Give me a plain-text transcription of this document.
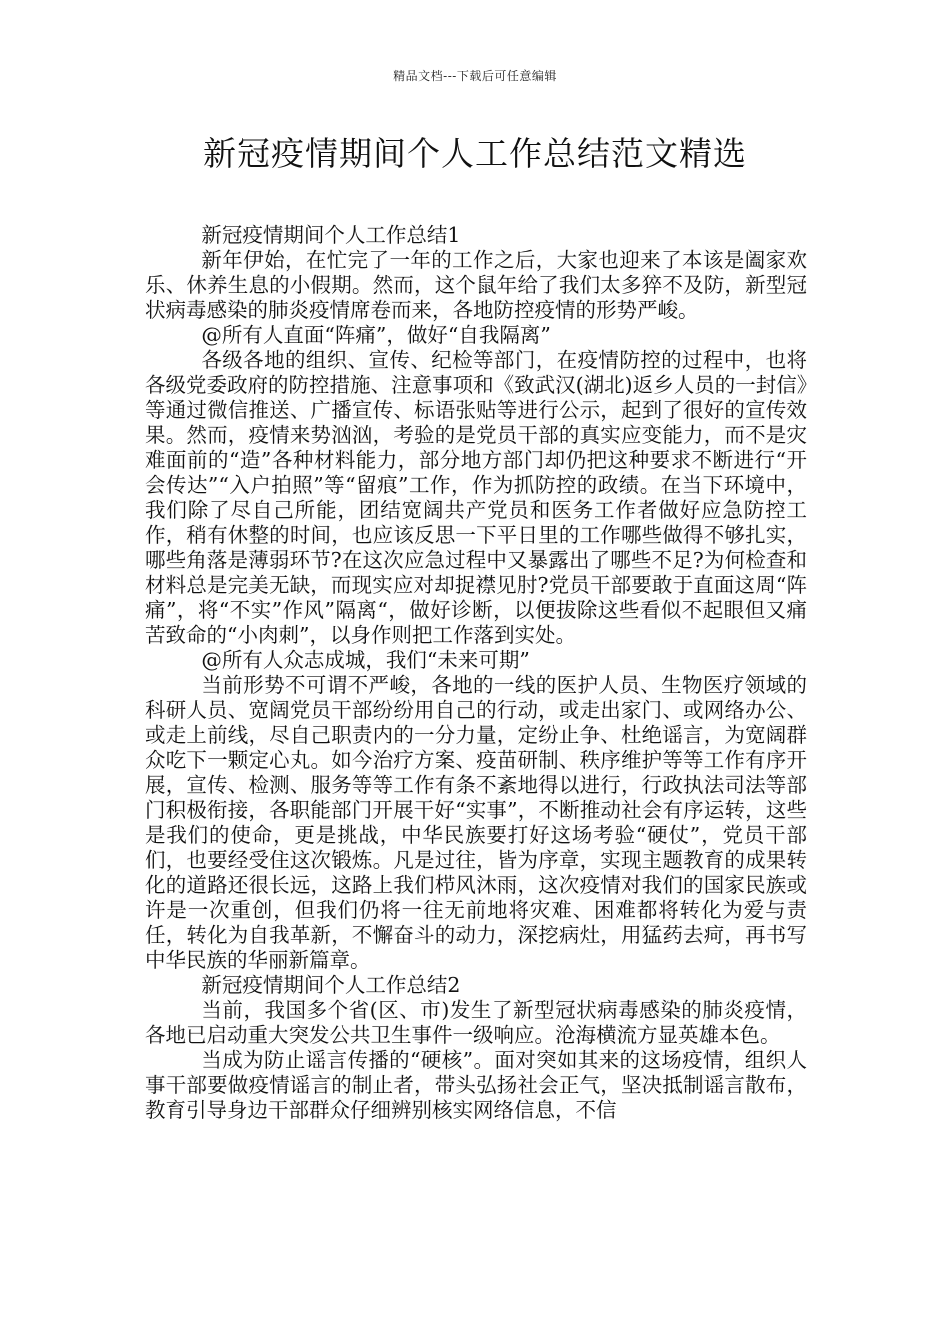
精品文档---下载后可任意编辑
新冠疫情期间个人工作总结范文精选

新冠疫情期间个人工作总结1

新年伊始，在忙完了一年的工作之后，大家也迎来了本该是阖家欢乐、休养生息的小假期。然而，这个鼠年给了我们太多猝不及防，新型冠状病毒感染的肺炎疫情席卷而来，各地防控疫情的形势严峻。

@所有人直面“阵痛”，做好“自我隔离”

各级各地的组织、宣传、纪检等部门，在疫情防控的过程中，也将各级党委政府的防控措施、注意事项和《致武汉(湖北)返乡人员的一封信》等通过微信推送、广播宣传、标语张贴等进行公示，起到了很好的宣传效果。然而，疫情来势汹汹，考验的是党员干部的真实应变能力，而不是灾难面前的“造”各种材料能力，部分地方部门却仍把这种要求不断进行“开会传达”“入户拍照”等“留痕”工作，作为抓防控的政绩。在当下环境中，我们除了尽自己所能，团结宽阔共产党员和医务工作者做好应急防控工作，稍有休整的时间，也应该反思一下平日里的工作哪些做得不够扎实，哪些角落是薄弱环节?在这次应急过程中又暴露出了哪些不足?为何检查和材料总是完美无缺，而现实应对却捉襟见肘?党员干部要敢于直面这周“阵痛”，将“不实”作风”隔离“，做好诊断，以便拔除这些看似不起眼但又痛苦致命的“小肉刺”，以身作则把工作落到实处。

@所有人众志成城，我们“未来可期”

当前形势不可谓不严峻，各地的一线的医护人员、生物医疗领域的科研人员、宽阔党员干部纷纷用自己的行动，或走出家门、或网络办公、或走上前线，尽自己职责内的一分力量，定纷止争、杜绝谣言，为宽阔群众吃下一颗定心丸。如今治疗方案、疫苗研制、秩序维护等等工作有序开展，宣传、检测、服务等等工作有条不紊地得以进行，行政执法司法等部门积极衔接，各职能部门开展干好“实事”，不断推动社会有序运转，这些是我们的使命，更是挑战，中华民族要打好这场考验“硬仗”，党员干部们，也要经受住这次锻炼。凡是过往，皆为序章，实现主题教育的成果转化的道路还很长远，这路上我们栉风沐雨，这次疫情对我们的国家民族或许是一次重创，但我们仍将一往无前地将灾难、困难都将转化为爱与责任，转化为自我革新，不懈奋斗的动力，深挖病灶，用猛药去疴，再书写中华民族的华丽新篇章。

新冠疫情期间个人工作总结2

当前，我国多个省(区、市)发生了新型冠状病毒感染的肺炎疫情，各地已启动重大突发公共卫生事件一级响应。沧海横流方显英雄本色。

当成为防止谣言传播的“硬核”。面对突如其来的这场疫情，组织人事干部要做疫情谣言的制止者，带头弘扬社会正气，坚决抵制谣言散布，教育引导身边干部群众仔细辨别核实网络信息，不信
